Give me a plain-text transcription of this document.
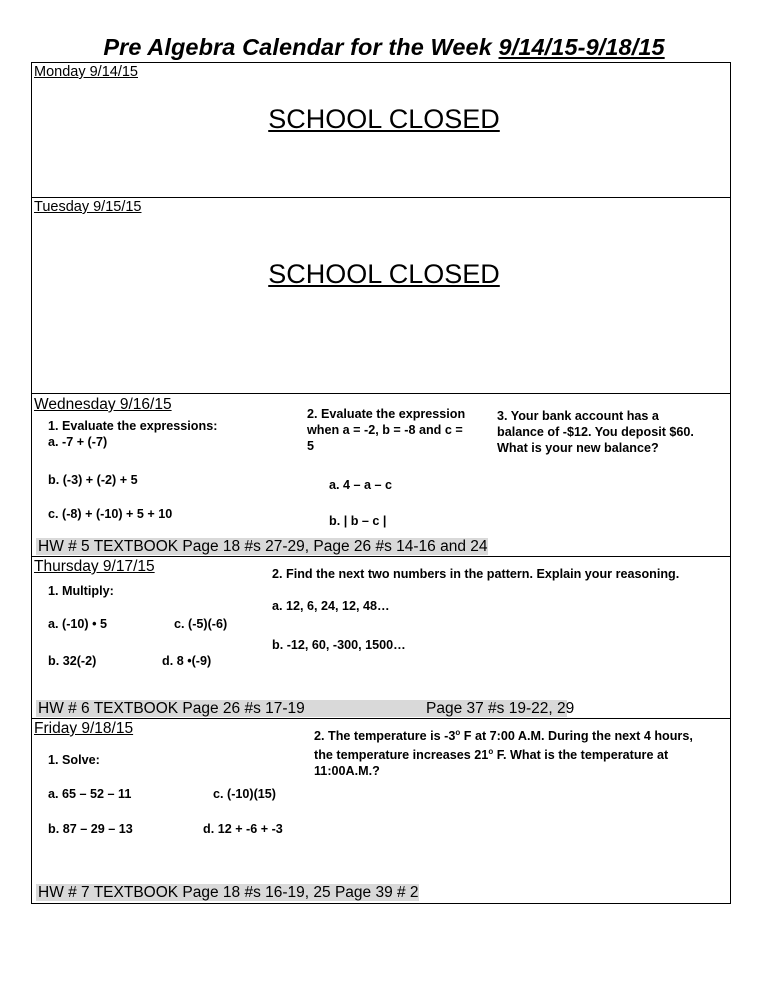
Pre Algebra Calendar for the Week 9/14/15-9/18/15
Monday 9/14/15
SCHOOL CLOSED
Tuesday 9/15/15
SCHOOL CLOSED
Wednesday 9/16/15
1. Evaluate the expressions:
a. -7 + (-7)
b. (-3) + (-2) + 5
c. (-8) + (-10) + 5 + 10
2. Evaluate the expression when a = -2, b = -8 and c = 5
a. 4 – a – c
b. | b – c |
3. Your bank account has a balance of -$12. You deposit $60. What is your new balance?
HW # 5 TEXTBOOK Page 18 #s 27-29, Page 26 #s 14-16 and 24
Thursday 9/17/15
1. Multiply:
a. (-10) • 5	c. (-5)(-6)
b. 32(-2)	d. 8 •(-9)
2. Find the next two numbers in the pattern. Explain your reasoning.
a. 12, 6, 24, 12, 48…
b. -12, 60, -300, 1500…
HW # 6 TEXTBOOK Page 26 #s 17-19	Page 37 #s 19-22, 29
Friday 9/18/15
1. Solve:
a. 65 – 52 – 11	c. (-10)(15)
b. 87 – 29 – 13	d. 12 + -6 + -3
2. The temperature is -3$^o$ F at 7:00 A.M. During the next 4 hours, the temperature increases 21$^o$ F. What is the temperature at 11:00A.M.?
HW # 7 TEXTBOOK Page 18 #s 16-19, 25 Page 39 # 2
